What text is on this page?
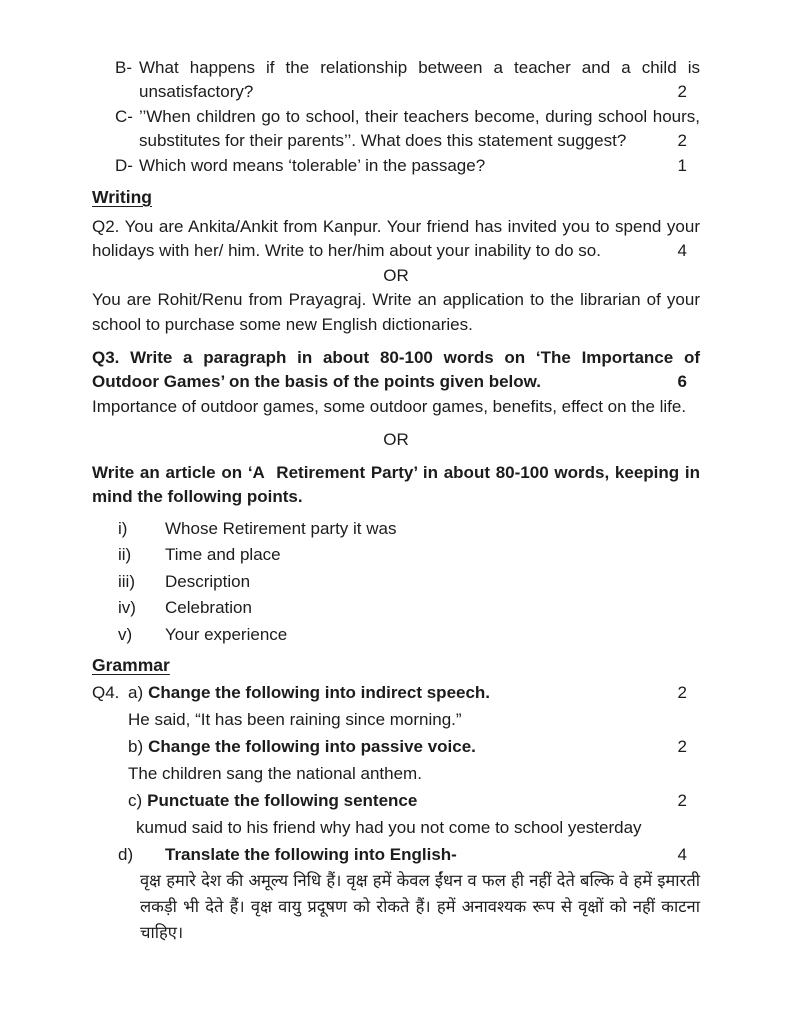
B- What happens if the relationship between a teacher and a child is unsatisfactory?	2
C- ’’When children go to school, their teachers become, during school hours, substitutes for their parents’’. What does this statement suggest?	2
D- Which word means ‘tolerable’ in the passage?	1
Writing
Q2. You are Ankita/Ankit from Kanpur. Your friend has invited you to spend your holidays with her/ him. Write to her/him about your inability to do so.	4
OR
You are Rohit/Renu from Prayagraj. Write an application to the librarian of your school to purchase some new English dictionaries.
Q3. Write a paragraph in about 80-100 words on ‘The Importance of Outdoor Games’ on the basis of the points given below.	6
Importance of outdoor games, some outdoor games, benefits, effect on the life.
OR
Write an article on ‘A  Retirement Party’ in about 80-100 words, keeping in mind the following points.
i)	Whose Retirement party it was
ii)	Time and place
iii)	Description
iv)	Celebration
v)	Your experience
Grammar
Q4. a) Change the following into indirect speech.	2
He said, “It has been raining since morning.”
b) Change the following into passive voice.	2
The children sang the national anthem.
c) Punctuate the following sentence	2
kumud said to his friend why had you not come to school yesterday
d) Translate the following into English-	4
वृक्ष हमारे देश की अमूल्य निधि हैं। वृक्ष हमें केवल ईंधन व फल ही नहीं देते बल्कि वे हमें इमारती लकड़ी भी देते हैं। वृक्ष वायु प्रदूषण को रोकते हैं। हमें अनावश्यक रूप से वृक्षों को नहीं काटना चाहिए।
